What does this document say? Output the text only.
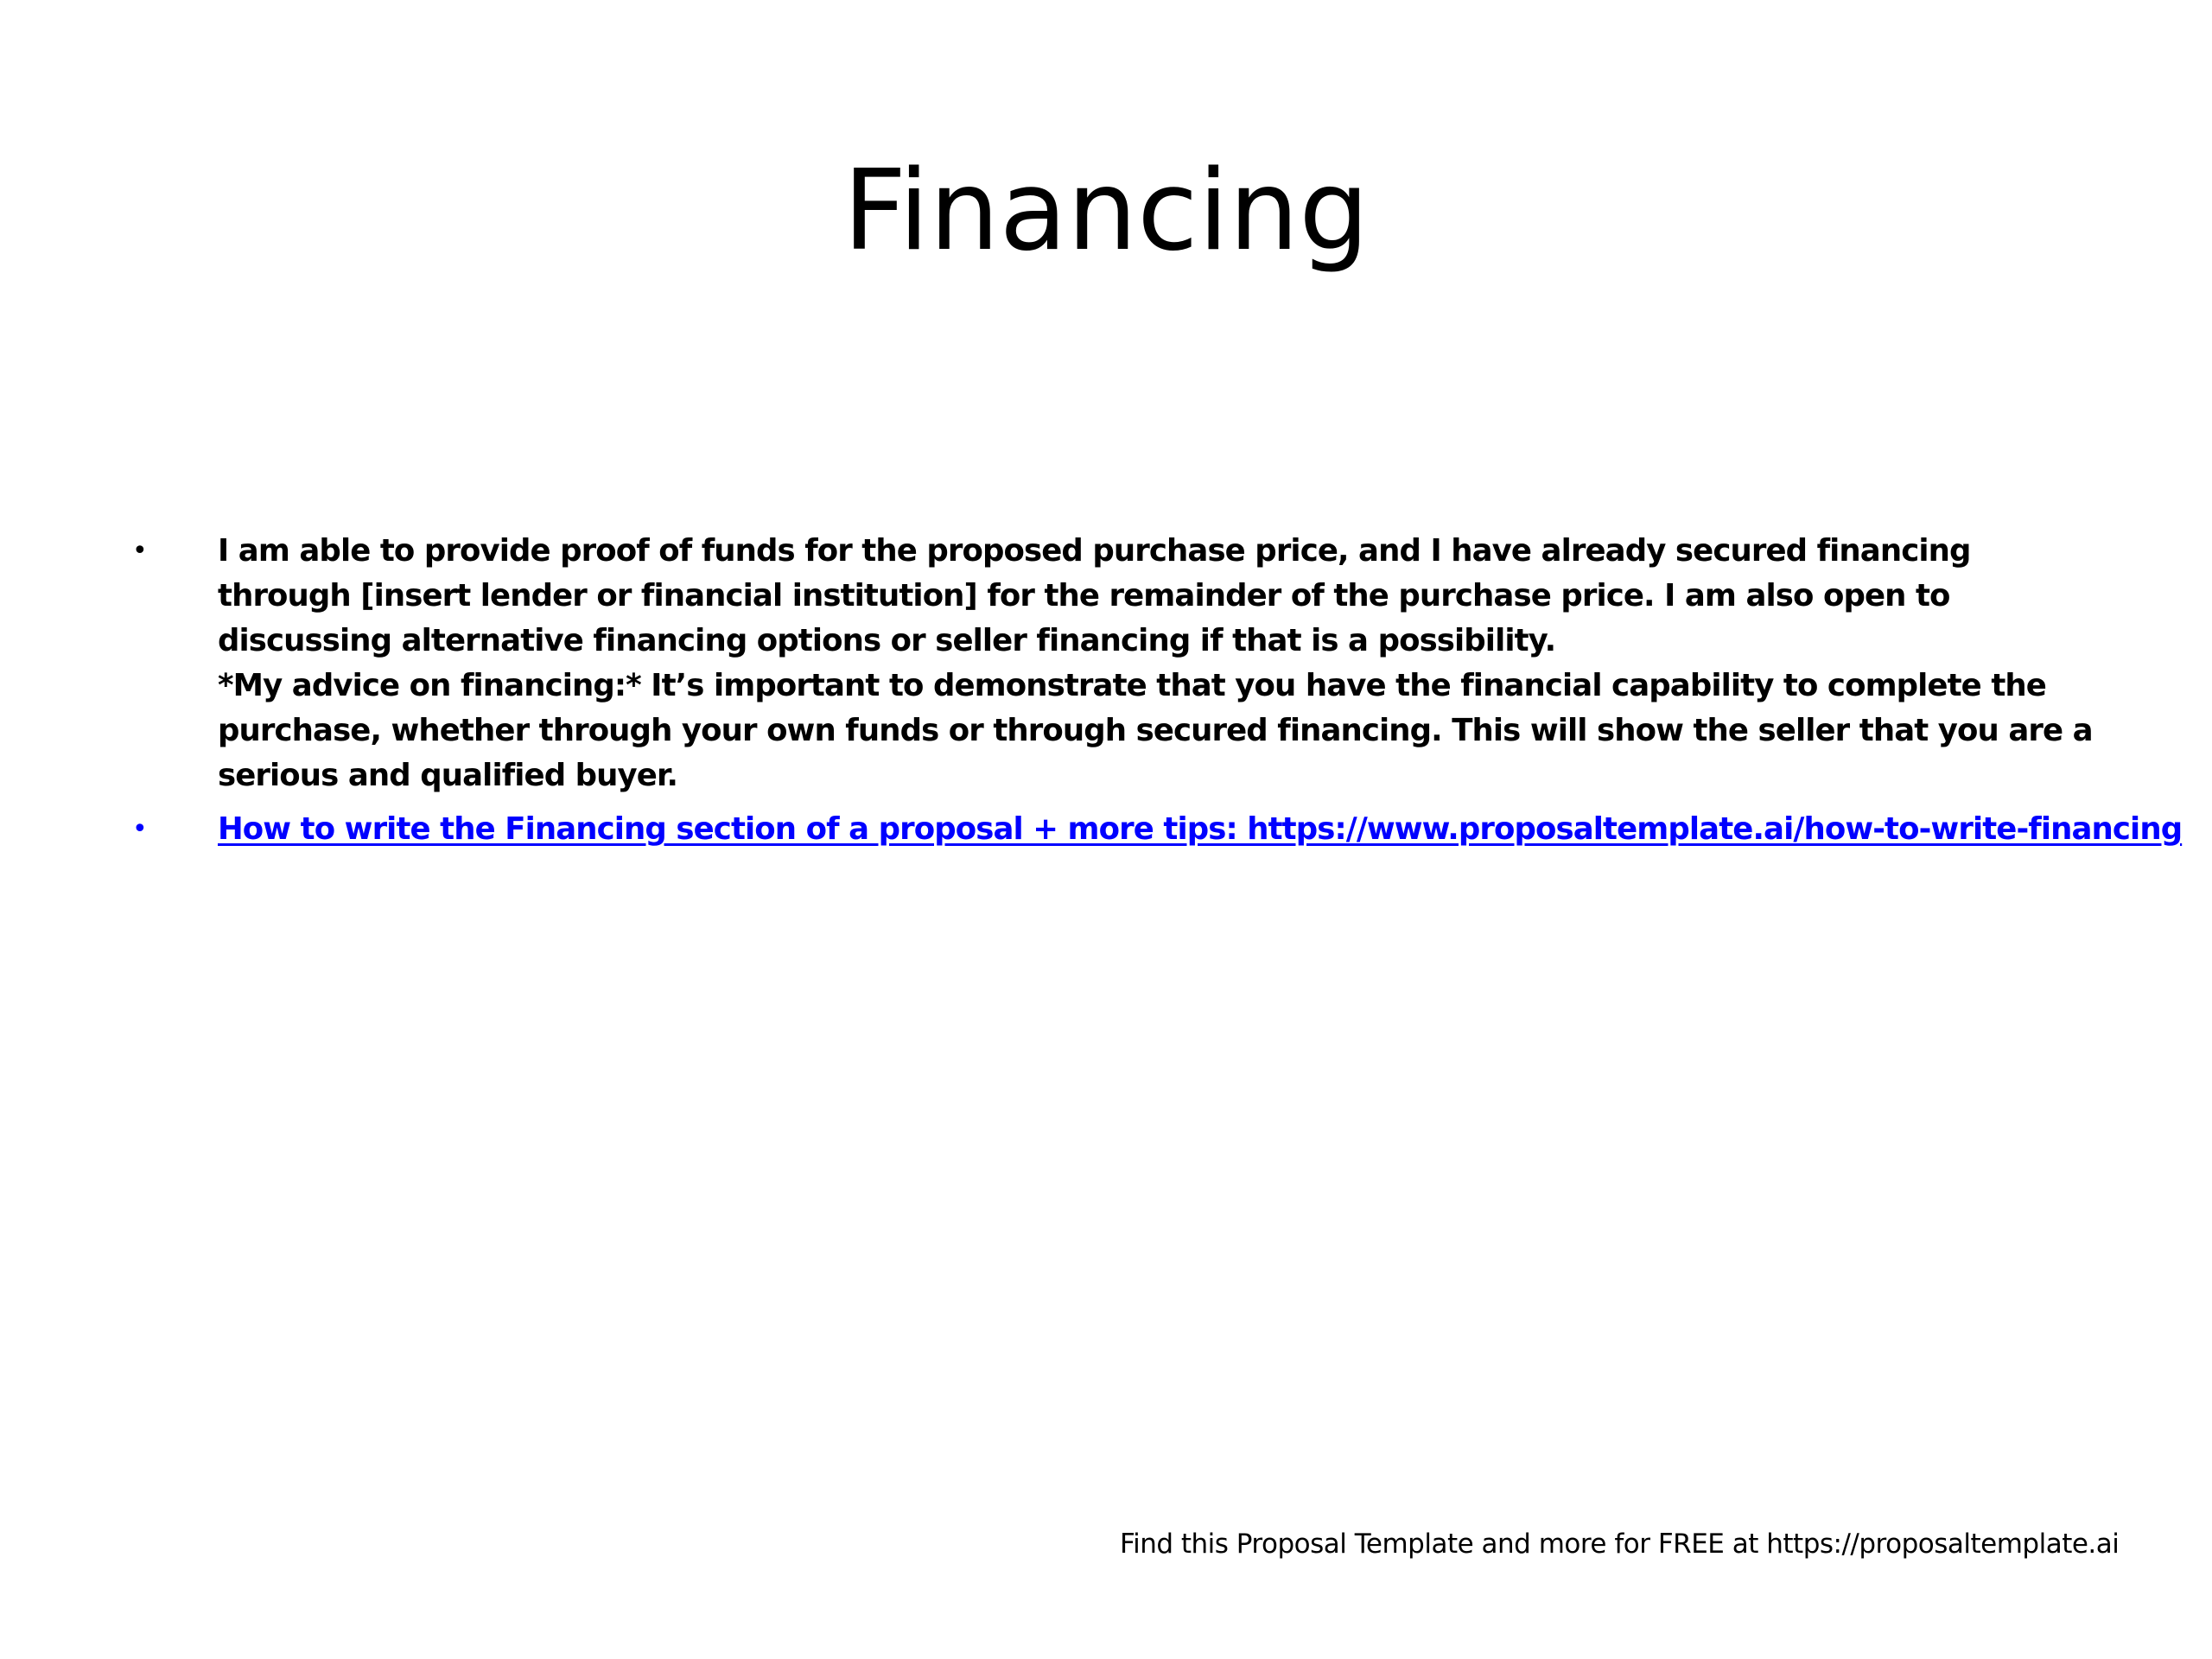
Financing
•	I am able to provide proof of funds for the proposed purchase price, and I have already secured financing through [insert lender or financial institution] for the remainder of the purchase price. I am also open to discussing alternative financing options or seller financing if that is a possibility.
*My advice on financing:* It’s important to demonstrate that you have the financial capability to complete the purchase, whether through your own funds or through secured financing. This will show the seller that you are a serious and qualified buyer.
•	How to write the Financing section of a proposal + more tips: https://www.proposaltemplate.ai/how-to-write-financing
Find this Proposal Template and more for FREE at https://proposaltemplate.ai
